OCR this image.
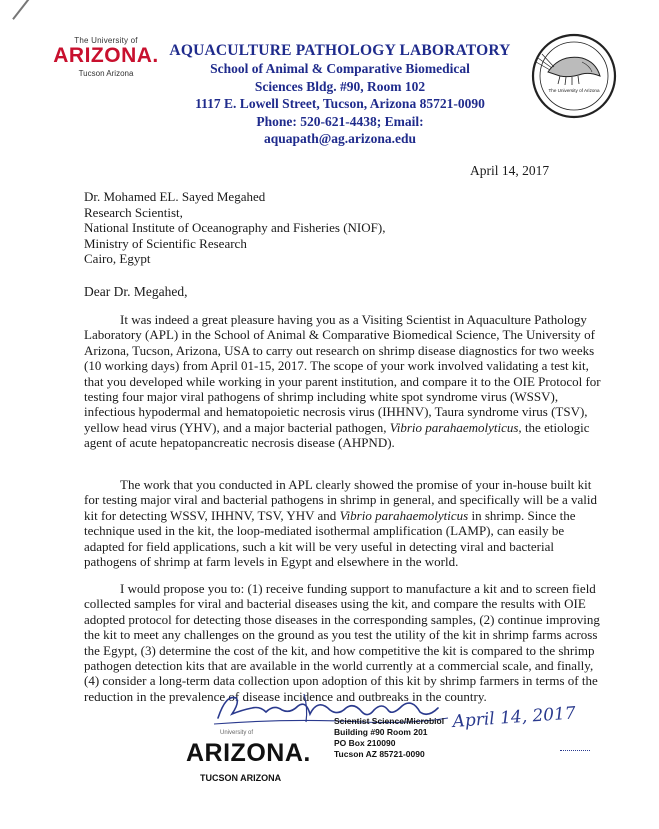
The University of
ARIZONA.
Tucson Arizona
AQUACULTURE PATHOLOGY LABORATORY
School of Animal & Comparative Biomedical
Sciences Bldg. #90, Room 102
1117 E. Lowell Street, Tucson, Arizona 85721-0090
Phone: 520-621-4438; Email:
aquapath@ag.arizona.edu
The University of Arizona
April 14, 2017
Dr. Mohamed EL. Sayed Megahed
Research Scientist,
National Institute of Oceanography and Fisheries (NIOF),
Ministry of Scientific Research
Cairo, Egypt
Dear Dr. Megahed,

It was indeed a great pleasure having you as a Visiting Scientist in Aquaculture Pathology Laboratory (APL) in the School of Animal & Comparative Biomedical Science, The University of Arizona, Tucson, Arizona, USA to carry out research on shrimp disease diagnostics for two weeks (10 working days) from April 01-15, 2017. The scope of your work involved validating a test kit, that you developed while working in your parent institution, and compare it to the OIE Protocol for testing four major viral pathogens of shrimp including white spot syndrome virus (WSSV), infectious hypodermal and hematopoietic necrosis virus (IHHNV), Taura syndrome virus (TSV), yellow head virus (YHV), and a major bacterial pathogen, Vibrio parahaemolyticus, the etiologic agent of acute hepatopancreatic necrosis disease (AHPND).

The work that you conducted in APL clearly showed the promise of your in-house built kit for testing major viral and bacterial pathogens in shrimp in general, and specifically will be a valid kit for detecting WSSV, IHHNV, TSV, YHV and Vibrio parahaemolyticus in shrimp. Since the technique used in the kit, the loop-mediated isothermal amplification (LAMP), can easily be adapted for field applications, such a kit will be very useful in detecting viral and bacterial pathogens of shrimp at farm levels in Egypt and elsewhere in the world.

I would propose you to: (1) receive funding support to manufacture a kit and to screen field collected samples for viral and bacterial diseases using the kit, and compare the results with OIE adopted protocol for detecting those diseases in the corresponding samples, (2) continue improving the kit to meet any challenges on the ground as you test the utility of the kit in shrimp farms across the Egypt, (3) determine the cost of the kit, and how competitive the kit is compared to the shrimp pathogen detection kits that are available in the world currently at a commercial scale, and finally, (4) consider a long-term data collection upon adoption of this kit by shrimp farmers in terms of the reduction in the prevalence of disease incidence and outbreaks in the country.

University of
ARIZONA.
TUCSON ARIZONA
Scientist Science/Microbiol
Building #90 Room 201
PO Box 210090
Tucson AZ 85721-0090
April 14, 2017
